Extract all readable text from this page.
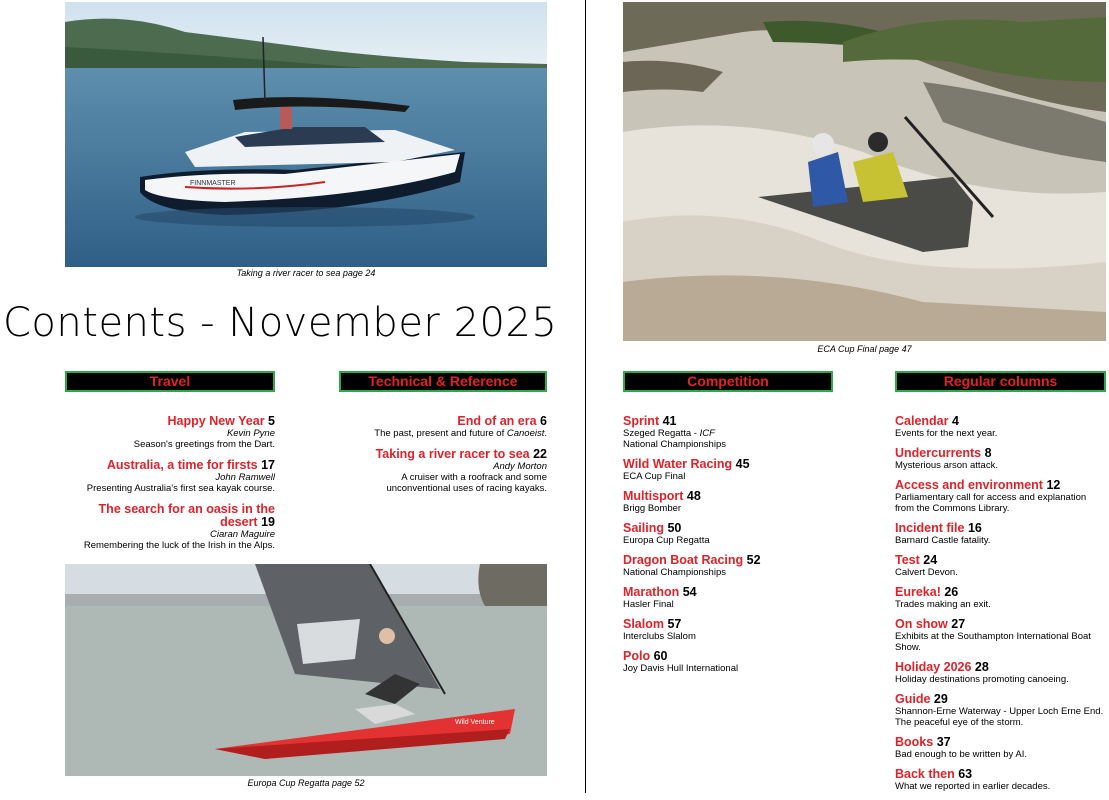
FINNMASTER
Taking a river racer to sea page 24
ECA Cup Final page 47
Wild Venture
Europa Cup Regatta page 52
Contents - November 2025
Travel	Technical & Reference	Competition	Regular columns
Happy New Year 5
Kevin Pyne
Season's greetings from the Dart.
Australia, a time for firsts 17
John Ramwell
Presenting Australia's first sea kayak course.
The search for an oasis in the desert 19
Ciaran Maguire
Remembering the luck of the Irish in the Alps.
End of an era 6
The past, present and future of Canoeist.
Taking a river racer to sea 22
Andy Morton
A cruiser with a roofrack and some unconventional uses of racing kayaks.
Sprint 41
Szeged Regatta - ICF
National Championships
Wild Water Racing 45
ECA Cup Final
Multisport 48
Brigg Bomber
Sailing 50
Europa Cup Regatta
Dragon Boat Racing 52
National Championships
Marathon 54
Hasler Final
Slalom 57
Interclubs Slalom
Polo 60
Joy Davis Hull International
Calendar 4
Events for the next year.
Undercurrents 8
Mysterious arson attack.
Access and environment 12
Parliamentary call for access and explanation from the Commons Library.
Incident file 16
Barnard Castle fatality.
Test 24
Calvert Devon.
Eureka! 26
Trades making an exit.
On show 27
Exhibits at the Southampton International Boat Show.
Holiday 2026 28
Holiday destinations promoting canoeing.
Guide 29
Shannon-Erne Waterway - Upper Loch Erne End. The peaceful eye of the storm.
Books 37
Bad enough to be written by AI.
Back then 63
What we reported in earlier decades.
